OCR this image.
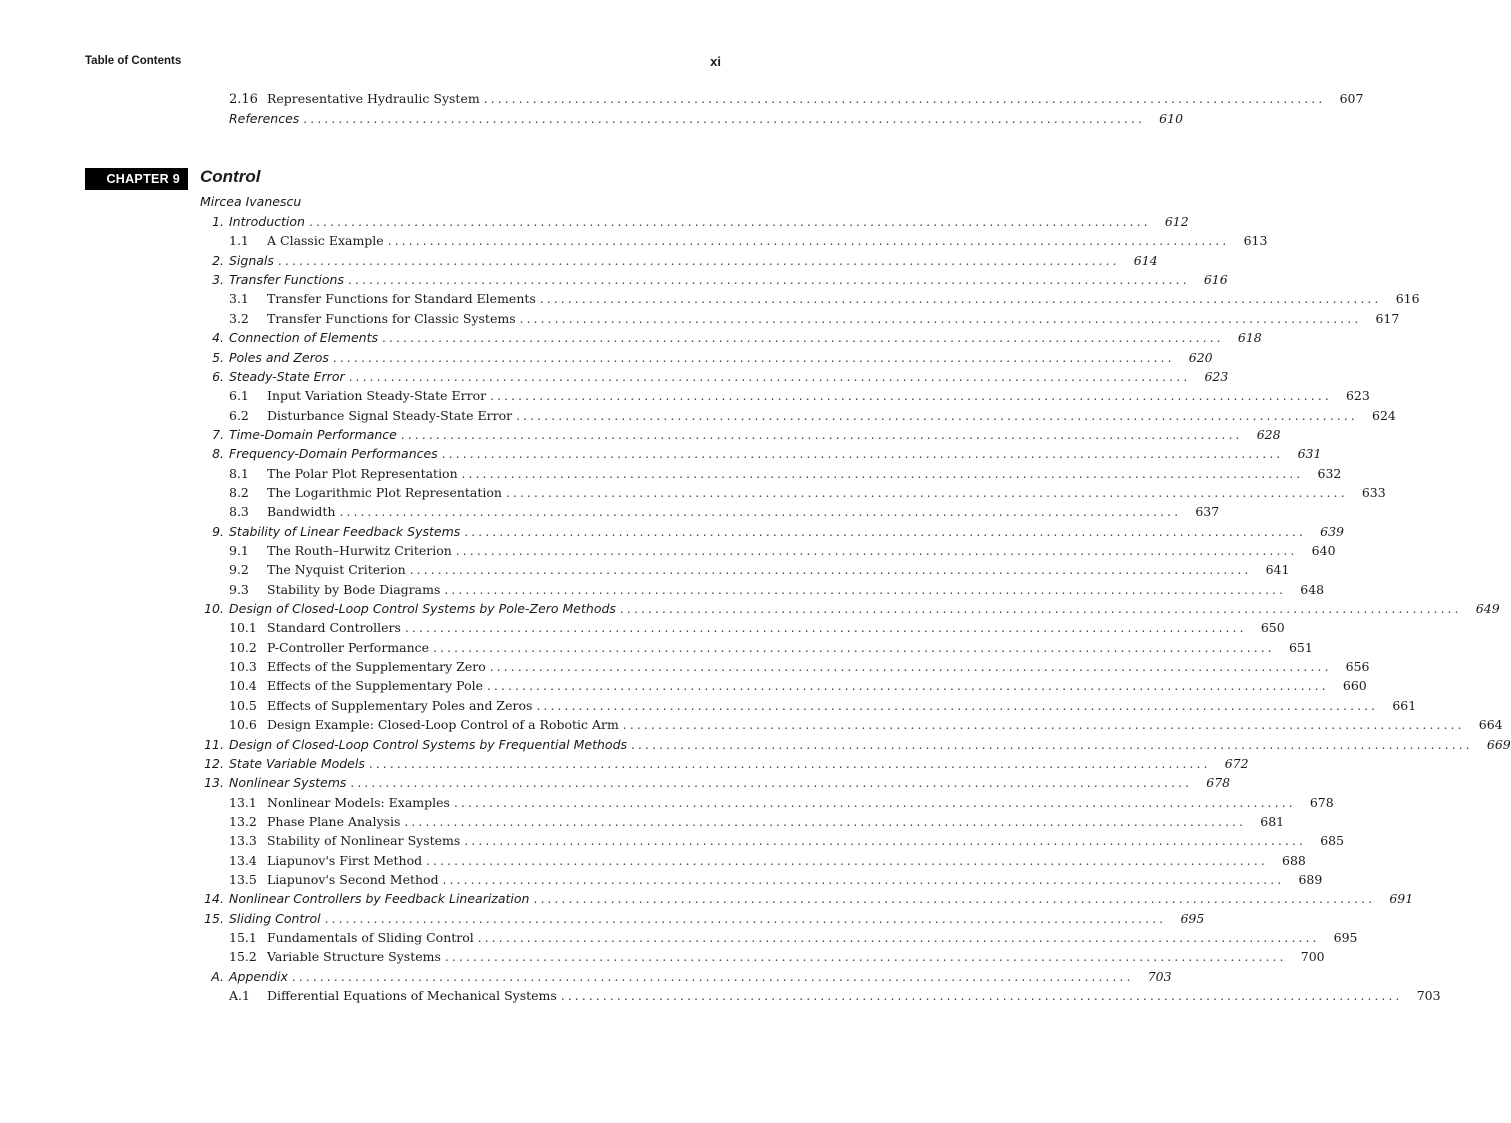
Table of Contents	xi
2.16 Representative Hydraulic System ........................................................................................................................	607
References ........................................................................................................................	610
CHAPTER 9	Control
Mircea Ivanescu
1. Introduction ........................................................................................................................	612
1.1	A Classic Example ........................................................................................................................	613
2. Signals ........................................................................................................................	614
3. Transfer Functions ........................................................................................................................	616
3.1	Transfer Functions for Standard Elements ........................................................................................................................	616
3.2	Transfer Functions for Classic Systems ........................................................................................................................	617
4. Connection of Elements ........................................................................................................................	618
5. Poles and Zeros ........................................................................................................................	620
6. Steady-State Error ........................................................................................................................	623
6.1	Input Variation Steady-State Error ........................................................................................................................	623
6.2	Disturbance Signal Steady-State Error ........................................................................................................................	624
7. Time-Domain Performance ........................................................................................................................	628
8. Frequency-Domain Performances ........................................................................................................................	631
8.1	The Polar Plot Representation ........................................................................................................................	632
8.2	The Logarithmic Plot Representation ........................................................................................................................	633
8.3	Bandwidth ........................................................................................................................	637
9. Stability of Linear Feedback Systems ........................................................................................................................	639
9.1	The Routh–Hurwitz Criterion ........................................................................................................................	640
9.2	The Nyquist Criterion ........................................................................................................................	641
9.3	Stability by Bode Diagrams ........................................................................................................................	648
10. Design of Closed-Loop Control Systems by Pole-Zero Methods ........................................................................................................................	649
10.1 Standard Controllers ........................................................................................................................	650
10.2 P-Controller Performance ........................................................................................................................	651
10.3 Effects of the Supplementary Zero ........................................................................................................................	656
10.4 Effects of the Supplementary Pole ........................................................................................................................	660
10.5 Effects of Supplementary Poles and Zeros ........................................................................................................................	661
10.6 Design Example: Closed-Loop Control of a Robotic Arm ........................................................................................................................	664
11. Design of Closed-Loop Control Systems by Frequential Methods ........................................................................................................................	669
12. State Variable Models ........................................................................................................................	672
13. Nonlinear Systems ........................................................................................................................	678
13.1 Nonlinear Models: Examples ........................................................................................................................	678
13.2 Phase Plane Analysis ........................................................................................................................	681
13.3 Stability of Nonlinear Systems ........................................................................................................................	685
13.4 Liapunov's First Method ........................................................................................................................	688
13.5 Liapunov's Second Method ........................................................................................................................	689
14. Nonlinear Controllers by Feedback Linearization ........................................................................................................................	691
15. Sliding Control ........................................................................................................................	695
15.1 Fundamentals of Sliding Control ........................................................................................................................	695
15.2 Variable Structure Systems ........................................................................................................................	700
A. Appendix ........................................................................................................................	703
A.1	Differential Equations of Mechanical Systems ........................................................................................................................	703
